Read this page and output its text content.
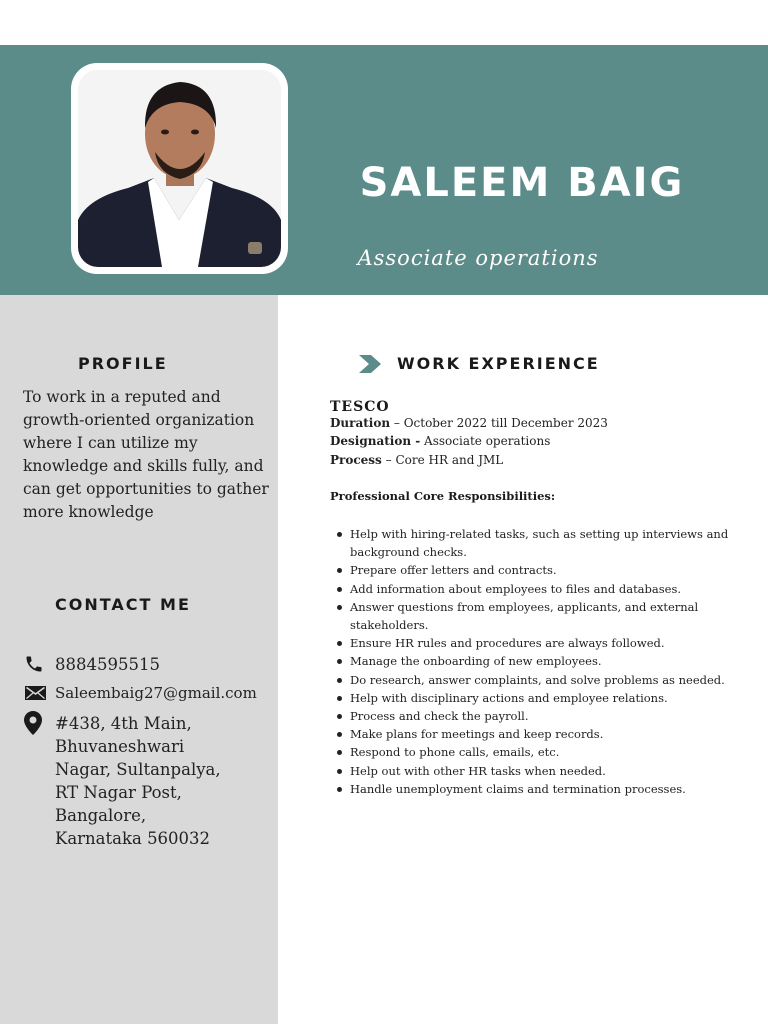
SALEEM BAIG
Associate operations
PROFILE
To work in a reputed and growth-oriented organization where I can utilize my knowledge and skills fully, and can get opportunities to gather more knowledge
CONTACT ME
8884595515
Saleembaig27@gmail.com
#438, 4th Main,
Bhuvaneshwari
Nagar, Sultanpalya,
RT Nagar Post,
Bangalore,
Karnataka 560032
WORK EXPERIENCE
TESCO
Duration – October 2022 till December 2023
Designation - Associate operations
Process – Core HR and JML
Professional Core Responsibilities:
Help with hiring-related tasks, such as setting up interviews and background checks.
Prepare offer letters and contracts.
Add information about employees to files and databases.
Answer questions from employees, applicants, and external stakeholders.
Ensure HR rules and procedures are always followed.
Manage the onboarding of new employees.
Do research, answer complaints, and solve problems as needed.
Help with disciplinary actions and employee relations.
Process and check the payroll.
Make plans for meetings and keep records.
Respond to phone calls, emails, etc.
Help out with other HR tasks when needed.
Handle unemployment claims and termination processes.
